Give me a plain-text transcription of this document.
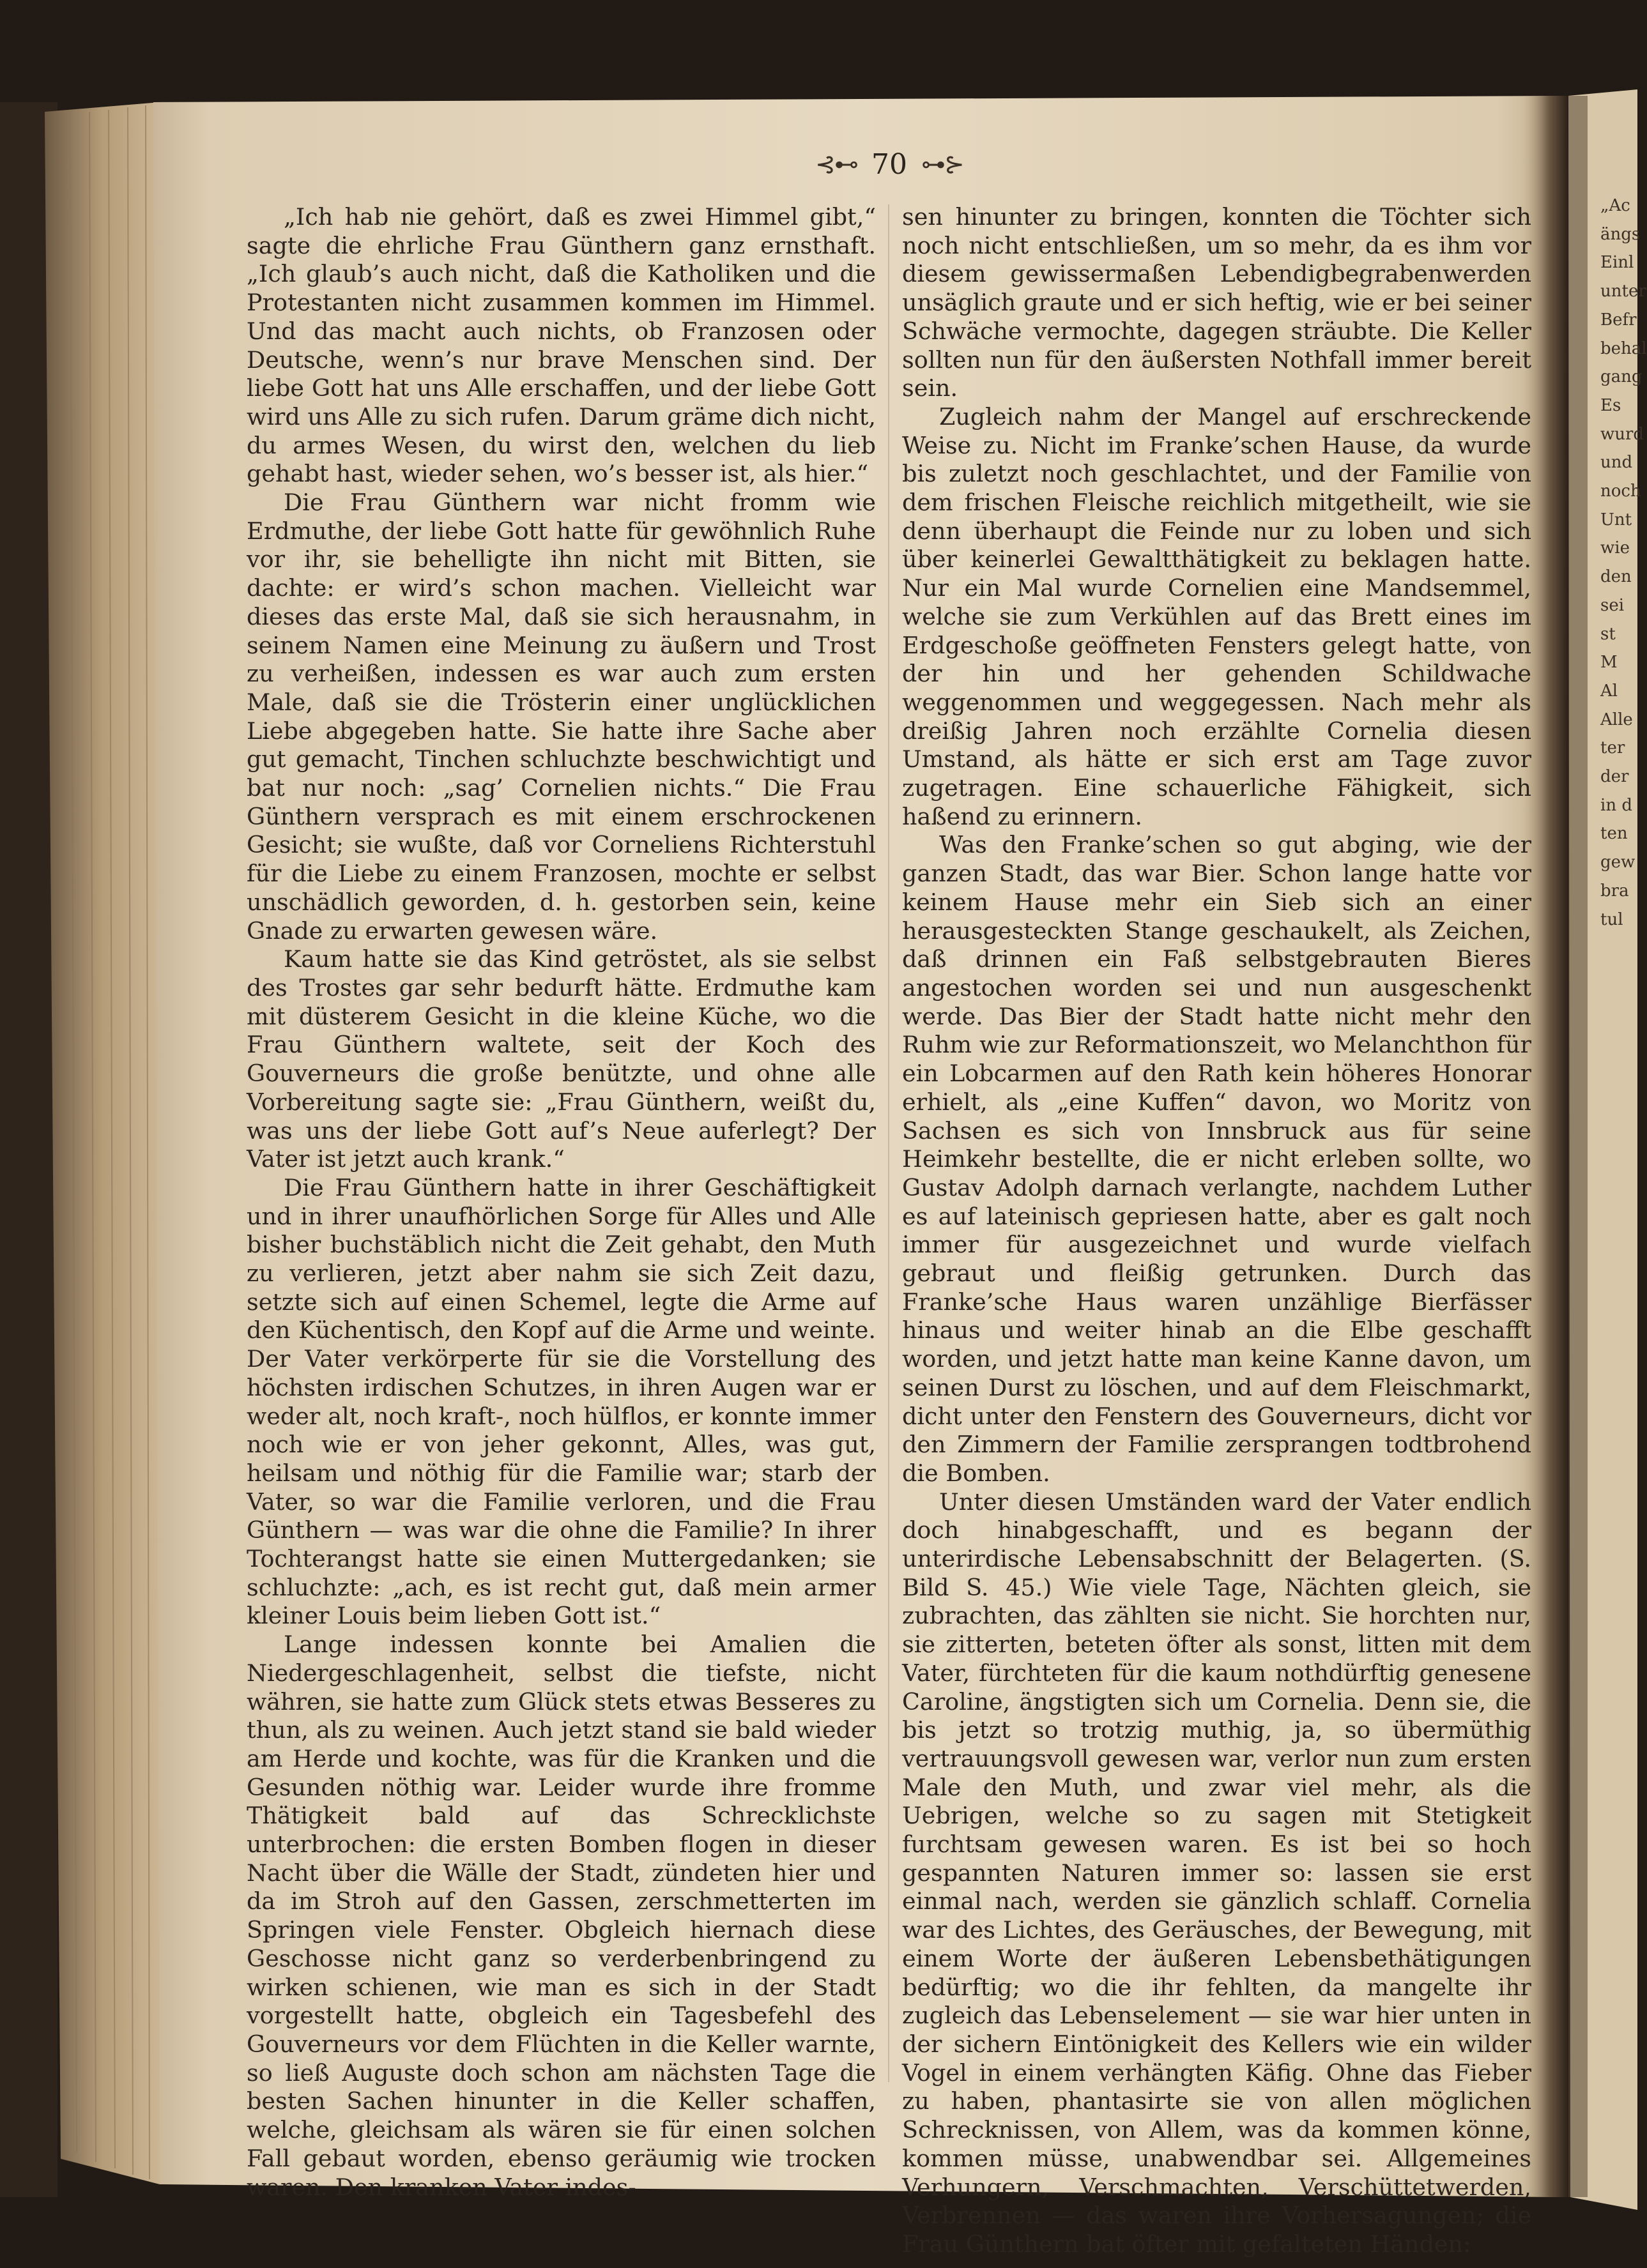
⊰⊷ 70 ⊶⊱

„Ich hab nie gehört, daß es zwei Himmel gibt,“ sagte die ehrliche Frau Günthern ganz ernsthaft. „Ich glaub’s auch nicht, daß die Katholiken und die Protestanten nicht zusammen kommen im Himmel. Und das macht auch nichts, ob Franzosen oder Deutsche, wenn’s nur brave Menschen sind. Der liebe Gott hat uns Alle erschaffen, und der liebe Gott wird uns Alle zu sich rufen. Darum gräme dich nicht, du armes Wesen, du wirst den, welchen du lieb gehabt hast, wieder sehen, wo’s besser ist, als hier.“

Die Frau Günthern war nicht fromm wie Erdmuthe, der liebe Gott hatte für gewöhnlich Ruhe vor ihr, sie behelligte ihn nicht mit Bitten, sie dachte: er wird’s schon machen. Vielleicht war dieses das erste Mal, daß sie sich herausnahm, in seinem Namen eine Meinung zu äußern und Trost zu verheißen, indessen es war auch zum ersten Male, daß sie die Trösterin einer unglücklichen Liebe abgegeben hatte. Sie hatte ihre Sache aber gut gemacht, Tinchen schluchzte beschwichtigt und bat nur noch: „sag’ Cornelien nichts.“ Die Frau Günthern versprach es mit einem erschrockenen Gesicht; sie wußte, daß vor Corneliens Richterstuhl für die Liebe zu einem Franzosen, mochte er selbst unschädlich geworden, d. h. gestorben sein, keine Gnade zu erwarten gewesen wäre.

Kaum hatte sie das Kind getröstet, als sie selbst des Trostes gar sehr bedurft hätte. Erdmuthe kam mit düsterem Gesicht in die kleine Küche, wo die Frau Günthern waltete, seit der Koch des Gouverneurs die große benützte, und ohne alle Vorbereitung sagte sie: „Frau Günthern, weißt du, was uns der liebe Gott auf’s Neue auferlegt? Der Vater ist jetzt auch krank.“

Die Frau Günthern hatte in ihrer Geschäftigkeit und in ihrer unaufhörlichen Sorge für Alles und Alle bisher buchstäblich nicht die Zeit gehabt, den Muth zu verlieren, jetzt aber nahm sie sich Zeit dazu, setzte sich auf einen Schemel, legte die Arme auf den Küchentisch, den Kopf auf die Arme und weinte. Der Vater verkörperte für sie die Vorstellung des höchsten irdischen Schutzes, in ihren Augen war er weder alt, noch kraft-, noch hülflos, er konnte immer noch wie er von jeher gekonnt, Alles, was gut, heilsam und nöthig für die Familie war; starb der Vater, so war die Familie verloren, und die Frau Günthern — was war die ohne die Familie? In ihrer Tochterangst hatte sie einen Muttergedanken; sie schluchzte: „ach, es ist recht gut, daß mein armer kleiner Louis beim lieben Gott ist.“

Lange indessen konnte bei Amalien die Niedergeschlagenheit, selbst die tiefste, nicht währen, sie hatte zum Glück stets etwas Besseres zu thun, als zu weinen. Auch jetzt stand sie bald wieder am Herde und kochte, was für die Kranken und die Gesunden nöthig war. Leider wurde ihre fromme Thätigkeit bald auf das Schrecklichste unterbrochen: die ersten Bomben flogen in dieser Nacht über die Wälle der Stadt, zündeten hier und da im Stroh auf den Gassen, zerschmetterten im Springen viele Fenster. Obgleich hiernach diese Geschosse nicht ganz so verderbenbringend zu wirken schienen, wie man es sich in der Stadt vorgestellt hatte, obgleich ein Tagesbefehl des Gouverneurs vor dem Flüchten in die Keller warnte, so ließ Auguste doch schon am nächsten Tage die besten Sachen hinunter in die Keller schaffen, welche, gleichsam als wären sie für einen solchen Fall gebaut worden, ebenso geräumig wie trocken waren. Den kranken Vater indes-

sen hinunter zu bringen, konnten die Töchter sich noch nicht entschließen, um so mehr, da es ihm vor diesem gewissermaßen Lebendigbegrabenwerden unsäglich graute und er sich heftig, wie er bei seiner Schwäche vermochte, dagegen sträubte. Die Keller sollten nun für den äußersten Nothfall immer bereit sein.

Zugleich nahm der Mangel auf erschreckende Weise zu. Nicht im Franke’schen Hause, da wurde bis zuletzt noch geschlachtet, und der Familie von dem frischen Fleische reichlich mitgetheilt, wie sie denn überhaupt die Feinde nur zu loben und sich über keinerlei Gewaltthätigkeit zu beklagen hatte. Nur ein Mal wurde Cornelien eine Mandsemmel, welche sie zum Verkühlen auf das Brett eines im Erdgeschoße geöffneten Fensters gelegt hatte, von der hin und her gehenden Schildwache weggenommen und weggegessen. Nach mehr als dreißig Jahren noch erzählte Cornelia diesen Umstand, als hätte er sich erst am Tage zuvor zugetragen. Eine schauerliche Fähigkeit, sich haßend zu erinnern.

Was den Franke’schen so gut abging, wie der ganzen Stadt, das war Bier. Schon lange hatte vor keinem Hause mehr ein Sieb sich an einer herausgesteckten Stange geschaukelt, als Zeichen, daß drinnen ein Faß selbstgebrauten Bieres angestochen worden sei und nun ausgeschenkt werde. Das Bier der Stadt hatte nicht mehr den Ruhm wie zur Reformationszeit, wo Melanchthon für ein Lobcarmen auf den Rath kein höheres Honorar erhielt, als „eine Kuffen“ davon, wo Moritz von Sachsen es sich von Innsbruck aus für seine Heimkehr bestellte, die er nicht erleben sollte, wo Gustav Adolph darnach verlangte, nachdem Luther es auf lateinisch gepriesen hatte, aber es galt noch immer für ausgezeichnet und wurde vielfach gebraut und fleißig getrunken. Durch das Franke’sche Haus waren unzählige Bierfässer hinaus und weiter hinab an die Elbe geschafft worden, und jetzt hatte man keine Kanne davon, um seinen Durst zu löschen, und auf dem Fleischmarkt, dicht unter den Fenstern des Gouverneurs, dicht vor den Zimmern der Familie zersprangen todtbrohend die Bomben.

Unter diesen Umständen ward der Vater endlich doch hinabgeschafft, und es begann der unterirdische Lebensabschnitt der Belagerten. (S. Bild S. 45.) Wie viele Tage, Nächten gleich, sie zubrachten, das zählten sie nicht. Sie horchten nur, sie zitterten, beteten öfter als sonst, litten mit dem Vater, fürchteten für die kaum nothdürftig genesene Caroline, ängstigten sich um Cornelia. Denn sie, die bis jetzt so trotzig muthig, ja, so übermüthig vertrauungsvoll gewesen war, verlor nun zum ersten Male den Muth, und zwar viel mehr, als die Uebrigen, welche so zu sagen mit Stetigkeit furchtsam gewesen waren. Es ist bei so hoch gespannten Naturen immer so: lassen sie erst einmal nach, werden sie gänzlich schlaff. Cornelia war des Lichtes, des Geräusches, der Bewegung, mit einem Worte der äußeren Lebensbethätigungen bedürftig; wo die ihr fehlten, da mangelte ihr zugleich das Lebenselement — sie war hier unten in der sichern Eintönigkeit des Kellers wie ein wilder Vogel in einem verhängten Käfig. Ohne das Fieber zu haben, phantasirte sie von allen möglichen Schrecknissen, von Allem, was da kommen könne, kommen müsse, unabwendbar sei. Allgemeines Verhungern, Verschmachten, Verschüttetwerden, Verbrennen — das waren ihre Vorhersagungen; die Frau Günthern bat öfter mit gefalteten Händen:

„Ac
ängs
Einl
unter
Befr
behal
gang
Es
wurd
und
noch
Unt
wie
den
sei
st
M
Al
Alle
ter
der
in d
ten
gew
bra
tul
